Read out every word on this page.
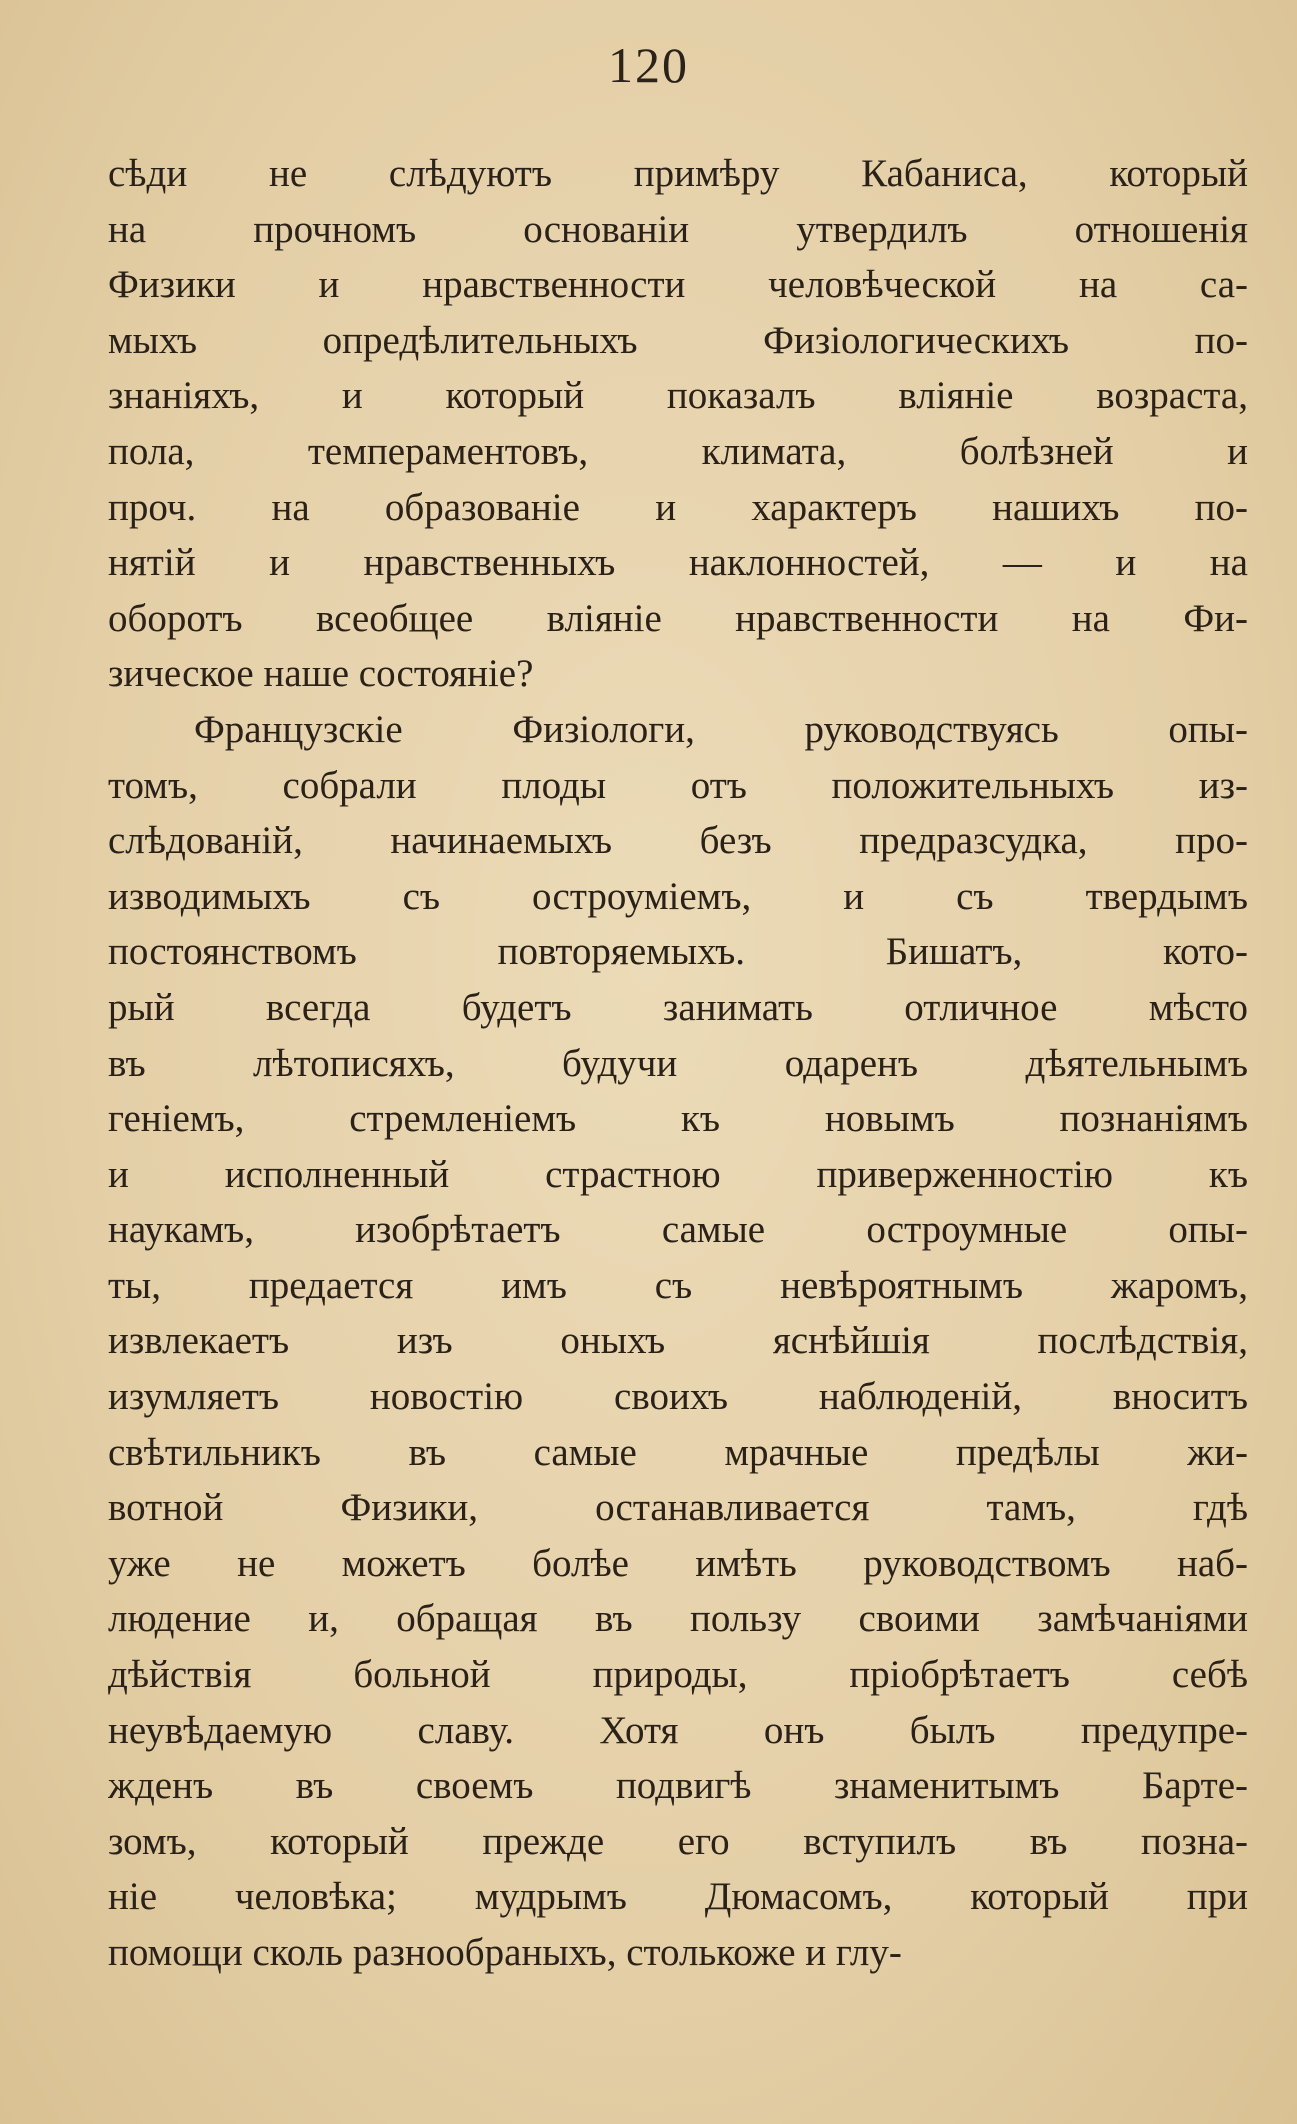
120
сѣди не слѣдуютъ примѣру Кабаниса, который
на прочномъ основаніи утвердилъ отношенія
Физики и нравственности человѣческой на са-
мыхъ опредѣлительныхъ Физіологическихъ по-
знаніяхъ, и который показалъ вліяніе возраста,
пола, темпераментовъ, климата, болѣзней и
проч. на образованіе и характеръ нашихъ по-
нятій и нравственныхъ наклонностей, — и на
оборотъ всеобщее вліяніе нравственности на Фи-
зическое наше состояніе?
Французскіе Физіологи, руководствуясь опы-
томъ, собрали плоды отъ положительныхъ из-
слѣдованій, начинаемыхъ безъ предразсудка, про-
изводимыхъ съ остроуміемъ, и съ твердымъ
постоянствомъ повторяемыхъ. Бишатъ, кото-
рый всегда будетъ занимать отличное мѣсто
въ лѣтописяхъ, будучи одаренъ дѣятельнымъ
геніемъ, стремленіемъ къ новымъ познаніямъ
и исполненный страстною приверженностію къ
наукамъ, изобрѣтаетъ самые остроумные опы-
ты, предается имъ съ невѣроятнымъ жаромъ,
извлекаетъ изъ оныхъ яснѣйшія послѣдствія,
изумляетъ новостію своихъ наблюденій, вноситъ
свѣтильникъ въ самые мрачные предѣлы жи-
вотной Физики, останавливается тамъ, гдѣ
уже не можетъ болѣе имѣть руководствомъ наб-
людение и, обращая въ пользу своими замѣчаніями
дѣйствія больной природы, пріобрѣтаетъ себѣ
неувѣдаемую славу. Хотя онъ былъ предупре-
жденъ въ своемъ подвигѣ знаменитымъ Барте-
зомъ, который прежде его вступилъ въ позна-
ніе человѣка; мудрымъ Дюмасомъ, который при
помощи сколь разнообраныхъ, столькоже и глу-
